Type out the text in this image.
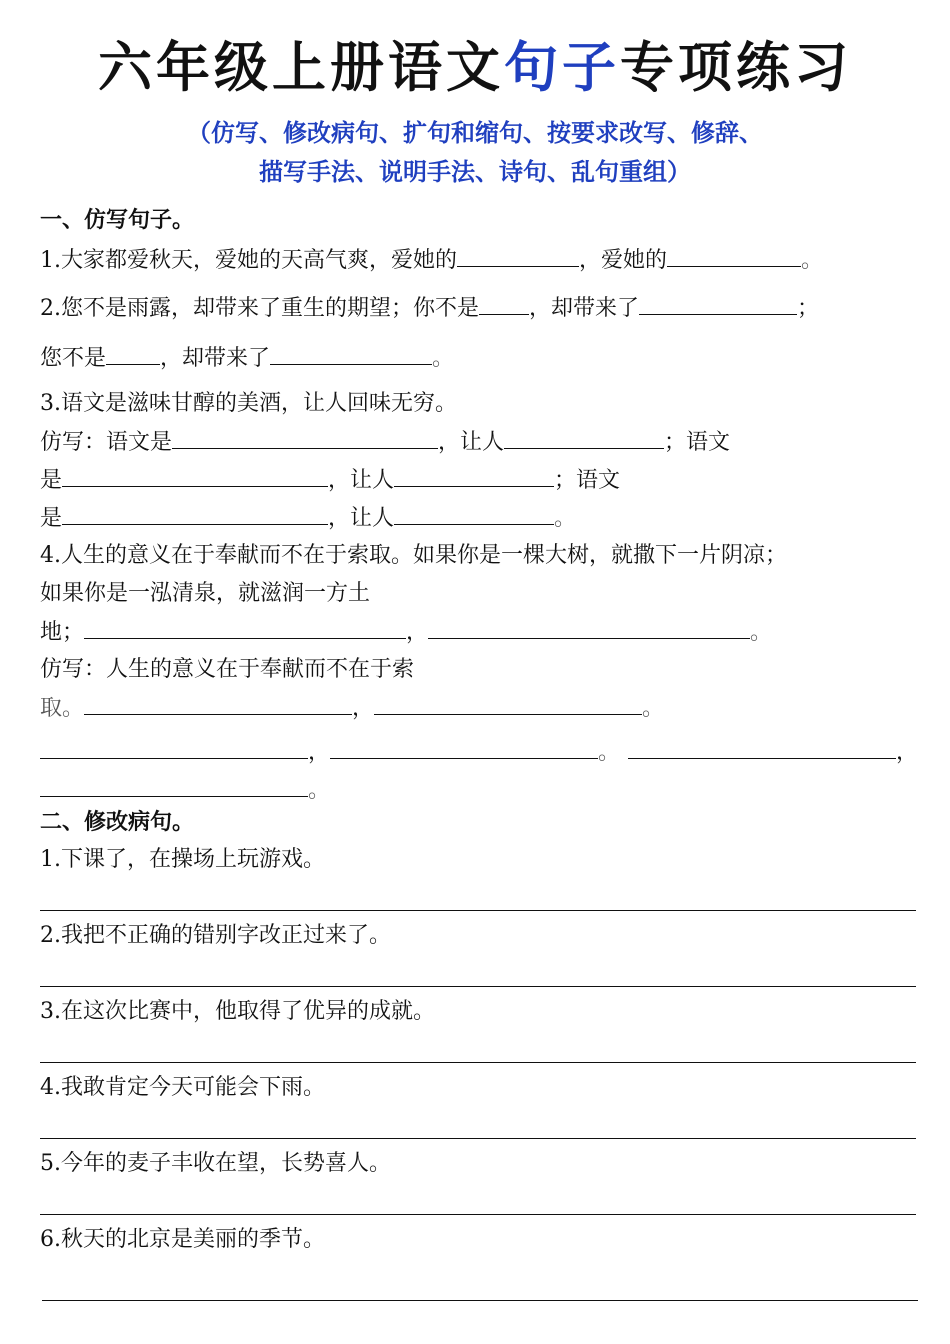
六年级上册语文句子专项练习
（仿写、修改病句、扩句和缩句、按要求改写、修辞、
描写手法、说明手法、诗句、乱句重组）
一、仿写句子。
1.大家都爱秋天，爱她的天高气爽，爱她的	，爱她的	。
2.您不是雨露，却带来了重生的期望；你不是 ，却带来了	；
您不是 ，却带来了	。
3.语文是滋味甘醇的美酒，让人回味无穷。
仿写：语文是	，让人	；语文
是	，让人	；语文
是	，让人	。
4.人生的意义在于奉献而不在于索取。如果你是一棵大树，就撒下一片阴凉；
如果你是一泓清泉，就滋润一方土
地；	，	。
仿写：人生的意义在于奉献而不在于索
取。	，	。
，	。	，
。
二、修改病句。
1.下课了，在操场上玩游戏。
2.我把不正确的错别字改正过来了。
3.在这次比赛中，他取得了优异的成就。
4.我敢肯定今天可能会下雨。
5.今年的麦子丰收在望，长势喜人。
6.秋天的北京是美丽的季节。
